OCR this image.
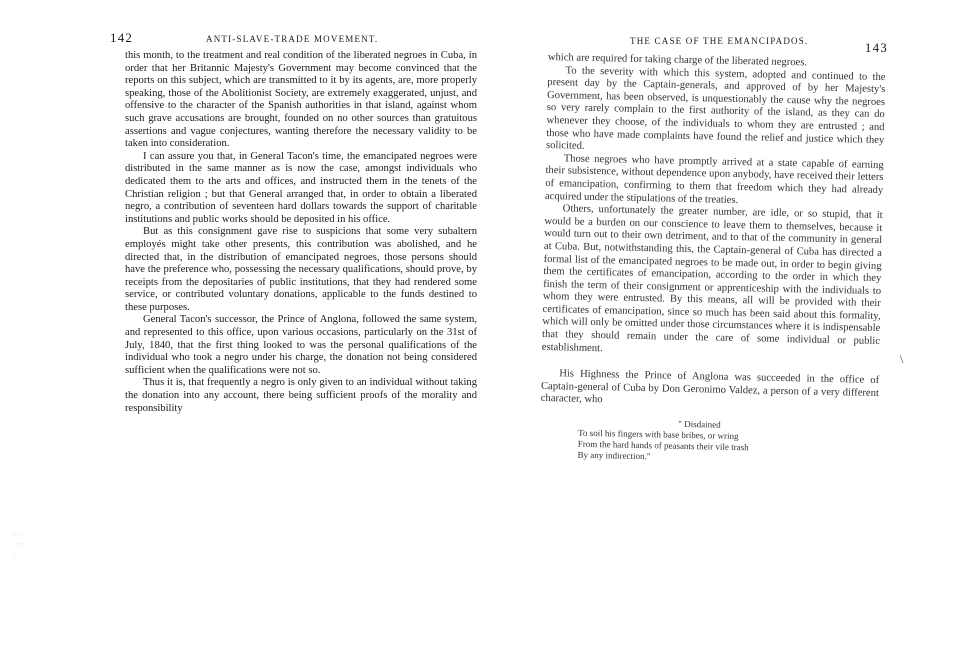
142	ANTI-SLAVE-TRADE MOVEMENT.

this month, to the treatment and real condition of the liberated negroes in Cuba, in order that her Britannic Majesty's Government may become convinced that the reports on this subject, which are transmitted to it by its agents, are, more properly speaking, those of the Abolitionist Society, are extremely exaggerated, unjust, and offensive to the character of the Spanish authorities in that island, against whom such grave accusations are brought, founded on no other sources than gratuitous assertions and vague conjectures, wanting therefore the necessary validity to be taken into consideration.

I can assure you that, in General Tacon's time, the emancipated negroes were distributed in the same manner as is now the case, amongst individuals who dedicated them to the arts and offices, and instructed them in the tenets of the Christian religion ; but that General arranged that, in order to obtain a liberated negro, a contribution of seventeen hard dollars towards the support of charitable institutions and public works should be deposited in his office.

But as this consignment gave rise to suspicions that some very subaltern employés might take other presents, this contribution was abolished, and he directed that, in the distribution of emancipated negroes, those persons should have the preference who, possessing the necessary qualifications, should prove, by receipts from the depositaries of public institutions, that they had rendered some service, or contributed voluntary donations, applicable to the funds destined to these purposes.

General Tacon's successor, the Prince of Anglona, followed the same system, and represented to this office, upon various occasions, particularly on the 31st of July, 1840, that the first thing looked to was the personal qualifications of the individual who took a negro under his charge, the donation not being considered sufficient when the qualifications were not so.

Thus it is, that frequently a negro is only given to an individual without taking the donation into any account, there being sufficient proofs of the morality and responsibility

: : : : : : :
THE CASE OF THE EMANCIPADOS.	143

which are required for taking charge of the liberated negroes.

To the severity with which this system, adopted and continued to the present day by the Captain-generals, and approved of by her Majesty's Government, has been observed, is unquestionably the cause why the negroes so very rarely complain to the first authority of the island, as they can do whenever they choose, of the individuals to whom they are entrusted ; and those who have made complaints have found the relief and justice which they solicited.

Those negroes who have promptly arrived at a state capable of earning their subsistence, without dependence upon anybody, have received their letters of emancipation, confirming to them that freedom which they had already acquired under the stipulations of the treaties.

Others, unfortunately the greater number, are idle, or so stupid, that it would be a burden on our conscience to leave them to themselves, because it would turn out to their own detriment, and to that of the community in general at Cuba. But, notwithstanding this, the Captain-general of Cuba has directed a formal list of the emancipated negroes to be made out, in order to begin giving them the certificates of emancipation, according to the order in which they finish the term of their consignment or apprenticeship with the individuals to whom they were entrusted. By this means, all will be provided with their certificates of emancipation, since so much has been said about this formality, which will only be omitted under those circumstances where it is indispensable that they should remain under the care of some individual or public establishment.

His Highness the Prince of Anglona was succeeded in the office of Captain-general of Cuba by Don Geronimo Valdez, a person of a very different character, who

" Disdained
To soil his fingers with base bribes, or wring
From the hard hands of peasants their vile trash
By any indirection."
\
